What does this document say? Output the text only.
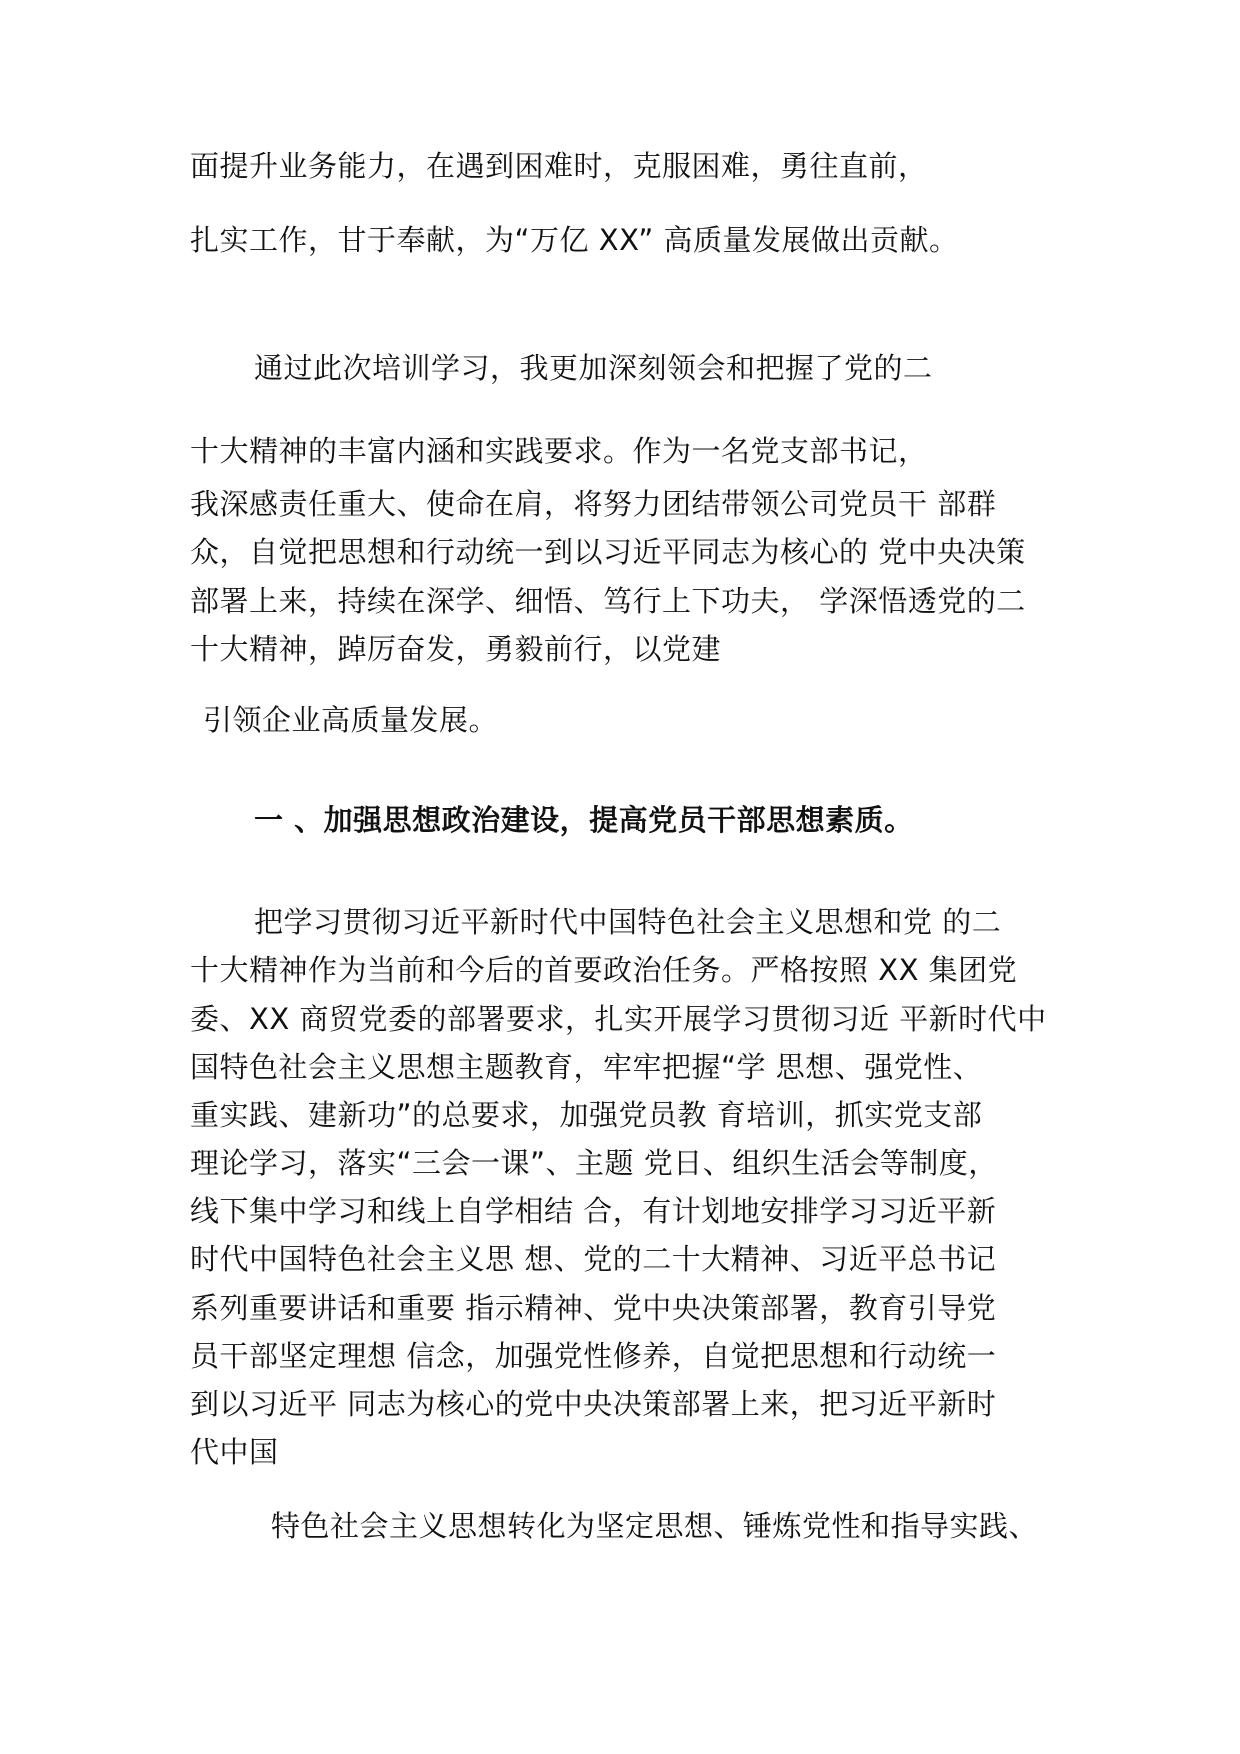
面提升业务能力，在遇到困难时，克服困难，勇往直前，
扎实工作，甘于奉献，为“万亿 XX” 高质量发展做出贡献。
通过此次培训学习，我更加深刻领会和把握了党的二
十大精神的丰富内涵和实践要求。作为一名党支部书记，
我深感责任重大、使命在肩，将努力团结带领公司党员干 部群
众，自觉把思想和行动统一到以习近平同志为核心的 党中央决策
部署上来，持续在深学、细悟、笃行上下功夫， 学深悟透党的二
十大精神，踔厉奋发，勇毅前行，以党建
引领企业高质量发展。
一 、加强思想政治建设，提高党员干部思想素质。
把学习贯彻习近平新时代中国特色社会主义思想和党 的二
十大精神作为当前和今后的首要政治任务。严格按照 XX 集团党
委、XX 商贸党委的部署要求，扎实开展学习贯彻习近 平新时代中
国特色社会主义思想主题教育，牢牢把握“学 思想、强党性、
重实践、建新功”的总要求，加强党员教 育培训，抓实党支部
理论学习，落实“三会一课”、主题 党日、组织生活会等制度，
线下集中学习和线上自学相结 合，有计划地安排学习习近平新
时代中国特色社会主义思 想、党的二十大精神、习近平总书记
系列重要讲话和重要 指示精神、党中央决策部署，教育引导党
员干部坚定理想 信念，加强党性修养，自觉把思想和行动统一
到以习近平 同志为核心的党中央决策部署上来，把习近平新时
代中国
特色社会主义思想转化为坚定思想、锤炼党性和指导实践、
